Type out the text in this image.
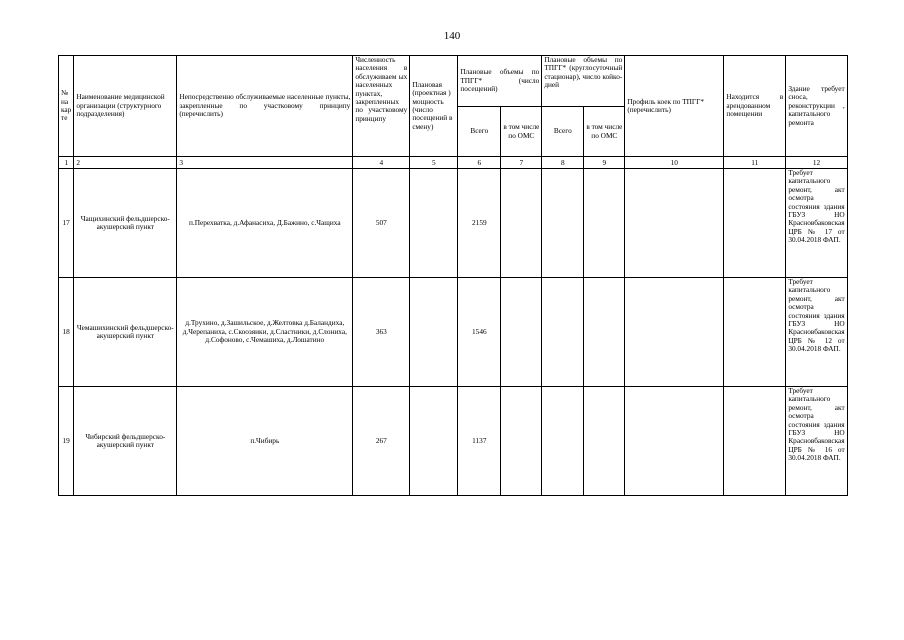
140
№ на кар те	Наименование медицинской организации (структурного подразделения)	Непосредственно обслуживаемые населенные пункты, закрепленные по участковому принципу (перечислить)	Численность населения в обслуживаем ых населенных пунктах, закрепленных по участковому принципу	Плановая (проектная ) мощность (число посещений в смену)	Плановые объемы по ТПГГ* (число посещений)		Плановые объемы по ТПГГ* (круглосуточный стационар), число койко-дней		Профиль коек по ТПГГ* (перечислить)	Находится в арендованном помещении	Здание требует сноса, реконструкции , капитального ремонта
					Всего	в том числе по ОМС	Всего	в том числе по ОМС			
1	2	3	4	5	6	7	8	9	10	11	12
17	Чащихинский фельдшерско-акушерский пункт	п.Перехватка, д.Афанасиха, Д.Бажино, с.Чащиха	507		2159						Требует капитального ремонт, акт осмотра состояния здания ГБУЗ НО Красновбаковская ЦРБ № 17 от 30.04.2018 ФАП.
18	Чемашихинский фельдшерско-акушерский пункт	д.Трухино, д.Зашильское, д.Желтовка д.Баландиха, д.Черепаниха, с.Скоозяики, д.Сластники, д.Слониха, д.Софоново, с.Чемашиха, д.Лошатино	363		1546						Требует капитального ремонт, акт осмотра состояния здания ГБУЗ НО Красновбаковская ЦРБ № 12 от 30.04.2018 ФАП.
19	Чибирский фельдшерско-акушерский пункт	п.Чибирь	267		1137						Требует капитального ремонт, акт осмотра состояния здания ГБУЗ НО Красновбаковская ЦРБ № 16 от 30.04.2018 ФАП.
